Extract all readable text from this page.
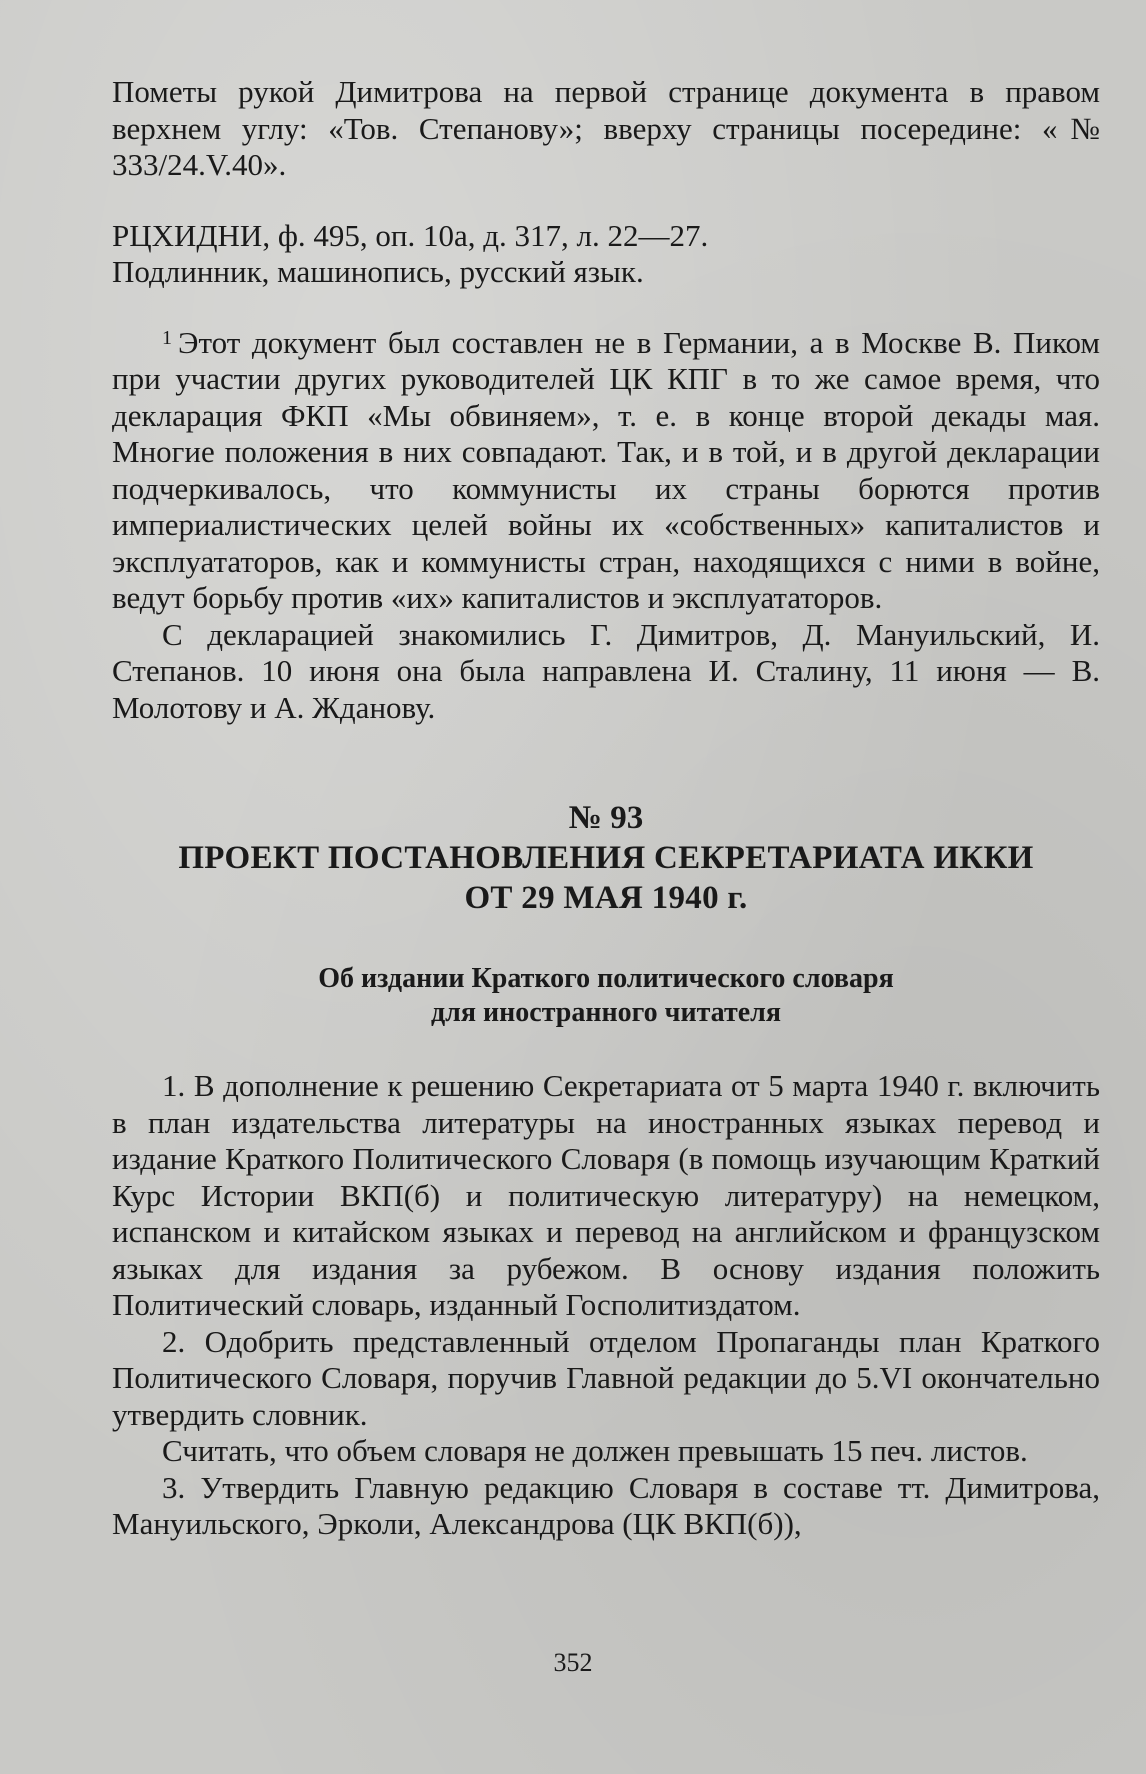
Пометы рукой Димитрова на первой странице документа в правом верхнем углу: «Тов. Степанову»; вверху страницы посередине: «№ 333/24.V.40».

РЦХИДНИ, ф. 495, оп. 10а, д. 317, л. 22—27.

Подлинник, машинопись, русский язык.

$^1$ Этот документ был составлен не в Германии, а в Москве В. Пиком при участии других руководителей ЦК КПГ в то же самое время, что декларация ФКП «Мы обвиняем», т. е. в конце второй декады мая. Многие положения в них совпадают. Так, и в той, и в другой декларации подчеркивалось, что коммунисты их страны борются против империалистических целей войны их «собственных» капиталистов и эксплуататоров, как и коммунисты стран, находящихся с ними в войне, ведут борьбу против «их» капиталистов и эксплуататоров.

С декларацией знакомились Г. Димитров, Д. Мануильский, И. Степанов. 10 июня она была направлена И. Сталину, 11 июня — В. Молотову и А. Жданову.

№ 93
ПРОЕКТ ПОСТАНОВЛЕНИЯ СЕКРЕТАРИАТА ИККИ
ОТ 29 МАЯ 1940 г.
Об издании Краткого политического словаря
для иностранного читателя

1. В дополнение к решению Секретариата от 5 марта 1940 г. включить в план издательства литературы на иностранных языках перевод и издание Краткого Политического Словаря (в помощь изучающим Краткий Курс Истории ВКП(б) и политическую литературу) на немецком, испанском и китайском языках и перевод на английском и французском языках для издания за рубежом. В основу издания положить Политический словарь, изданный Госполитиздатом.

2. Одобрить представленный отделом Пропаганды план Краткого Политического Словаря, поручив Главной редакции до 5.VI окончательно утвердить словник.

Считать, что объем словаря не должен превышать 15 печ. листов.

3. Утвердить Главную редакцию Словаря в составе тт. Димитрова, Мануильского, Эрколи, Александрова (ЦК ВКП(б)),

352
